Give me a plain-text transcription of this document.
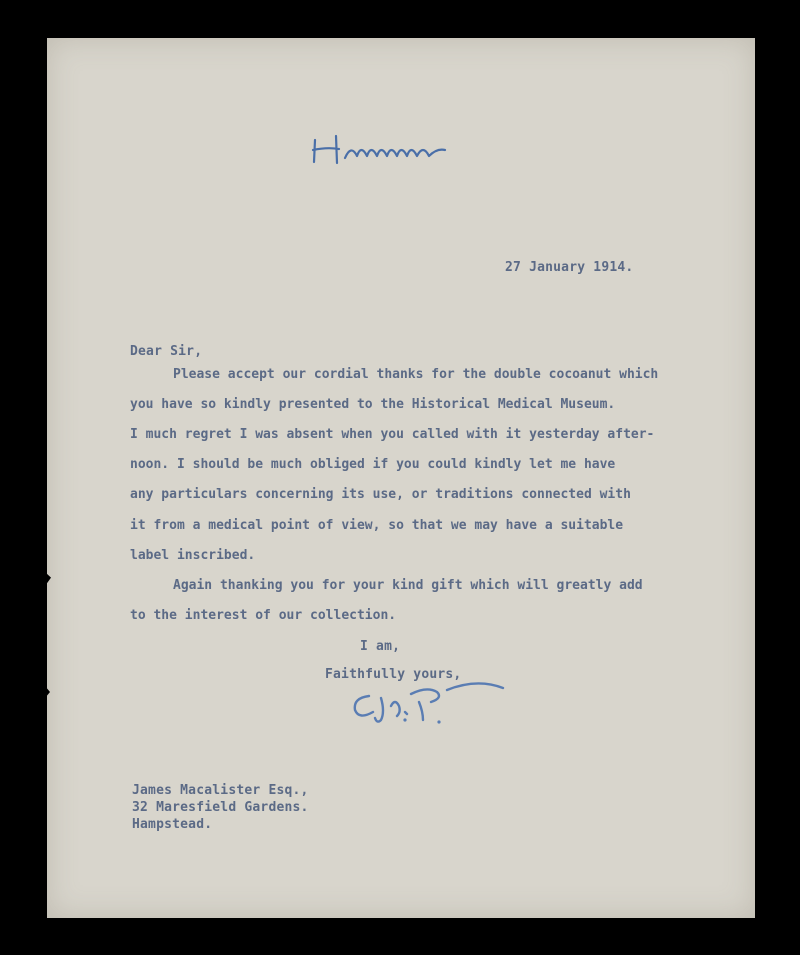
27 January 1914.
Dear Sir,
Please accept our cordial thanks for the double cocoanut which
you have so kindly presented to the Historical Medical Museum.
I much regret I was absent when you called with it yesterday after-
noon. I should be much obliged if you could kindly let me have
any particulars concerning its use, or traditions connected with
it from a medical point of view, so that we may have a suitable
label inscribed.
Again thanking you for your kind gift which will greatly add
to the interest of our collection.
I am,
Faithfully yours,
James Macalister Esq.,
32 Maresfield Gardens.
Hampstead.
